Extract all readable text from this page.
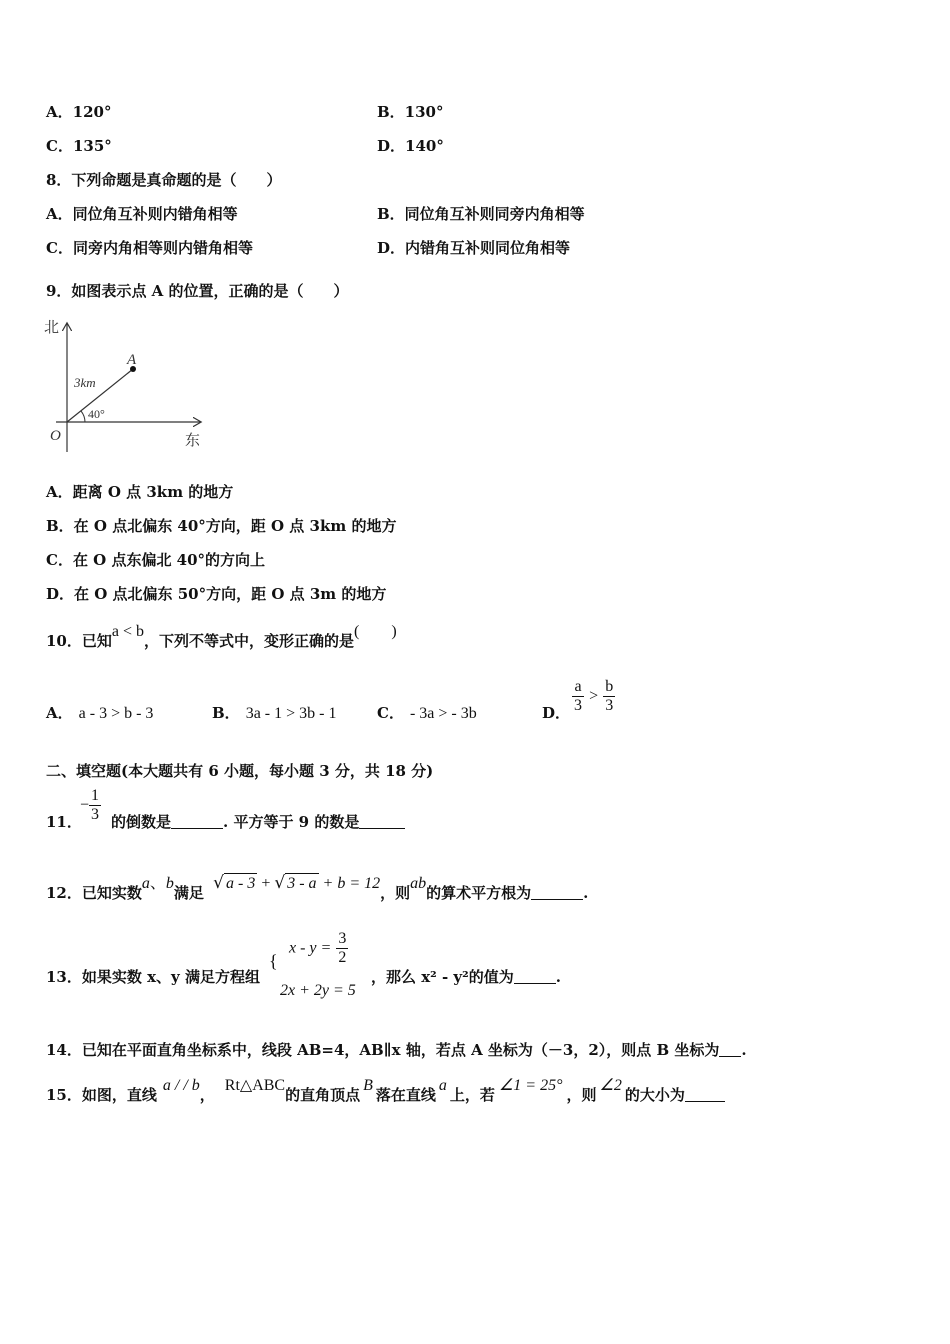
A．120°	B．130°
C．135°	D．140°
8．下列命题是真命题的是（　　）
A．同位角互补则内错角相等	B．同位角互补则同旁内角相等
C．同旁内角相等则内错角相等	D．内错角互补则同位角相等
9．如图表示点 A 的位置，正确的是（　　）
北
东
O
A
3km
40°
A．距离 O 点 3km 的地方
B．在 O 点北偏东 40°方向，距 O 点 3km 的地方
C．在 O 点东偏北 40°的方向上
D．在 O 点北偏东 50°方向，距 O 点 3m 的地方
10．已知a < b，下列不等式中，变形正确的是(　　)
A． a - 3 > b - 3	B． 3a - 1 > 3b - 1	C． - 3a > - 3b	D． $\frac{a}{3} > \frac{b}{3}$
二、填空题(本大题共有 6 小题，每小题 3 分，共 18 分)
11．
− $\frac{1}{3}$ 的倒数是	. 平方等于 9 的数是
12．已知实数a、b满足 √ a - 3 + √ 3 - a + b = 12，则ab的算术平方根为	.
13．如果实数 x、y 满足方程组
{
$x - y = \frac{3}{2}$
2x + 2y = 5
，那么 x² - y²的值为	.
14．已知在平面直角坐标系中，线段 AB=4，AB∥x 轴，若点 A 坐标为（－3，2），则点 B 坐标为 .
15．如图，直线a / / b，Rt△ABC的直角顶点B落在直线a上，若∠1 = 25°，则∠2的大小为
